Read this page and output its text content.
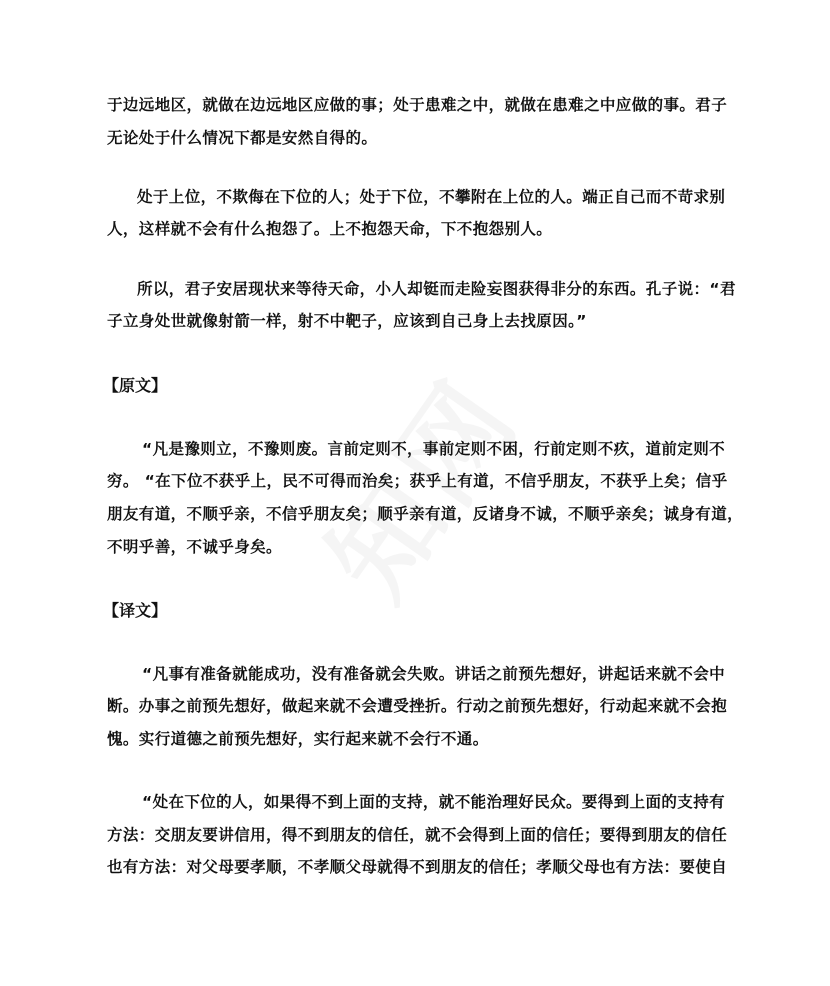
于边远地区，就做在边远地区应做的事；处于患难之中，就做在患难之中应做的事。君子
无论处于什么情况下都是安然自得的。
处于上位，不欺侮在下位的人；处于下位，不攀附在上位的人。端正自己而不苛求别
人，这样就不会有什么抱怨了。上不抱怨天命，下不抱怨别人。
所以，君子安居现状来等待天命，小人却铤而走险妄图获得非分的东西。孔子说：“君
子立身处世就像射箭一样，射不中靶子，应该到自己身上去找原因。”
【原文】
“凡是豫则立，不豫则废。言前定则不，事前定则不困，行前定则不疚，道前定则不
穷。 “在下位不获乎上，民不可得而治矣；获乎上有道，不信乎朋友，不获乎上矣；信乎
朋友有道，不顺乎亲，不信乎朋友矣；顺乎亲有道，反诸身不诚，不顺乎亲矣；诚身有道，
不明乎善，不诚乎身矣。
【译文】
“凡事有准备就能成功，没有准备就会失败。讲话之前预先想好，讲起话来就不会中
断。办事之前预先想好，做起来就不会遭受挫折。行动之前预先想好，行动起来就不会抱
愧。实行道德之前预先想好，实行起来就不会行不通。
“处在下位的人，如果得不到上面的支持，就不能治理好民众。要得到上面的支持有
方法：交朋友要讲信用，得不到朋友的信任，就不会得到上面的信任；要得到朋友的信任
也有方法：对父母要孝顺，不孝顺父母就得不到朋友的信任；孝顺父母也有方法：要使自
